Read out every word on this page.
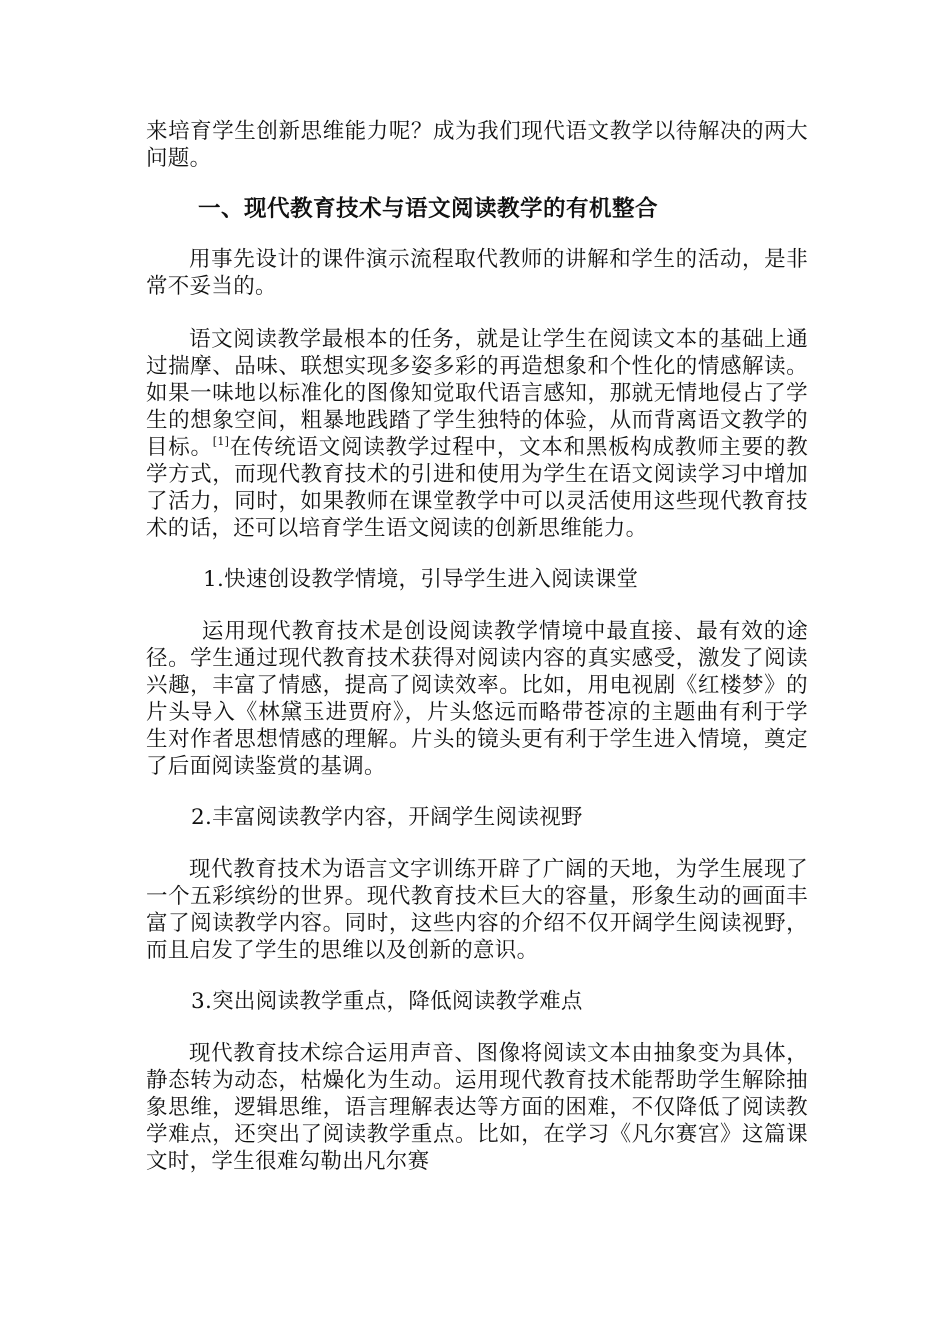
来培育学生创新思维能力呢？成为我们现代语文教学以待解决的两大问题。

一、现代教育技术与语文阅读教学的有机整合

用事先设计的课件演示流程取代教师的讲解和学生的活动，是非常不妥当的。

语文阅读教学最根本的任务，就是让学生在阅读文本的基础上通过揣摩、品味、联想实现多姿多彩的再造想象和个性化的情感解读。如果一味地以标准化的图像知觉取代语言感知，那就无情地侵占了学生的想象空间，粗暴地践踏了学生独特的体验，从而背离语文教学的目标。[1]在传统语文阅读教学过程中，文本和黑板构成教师主要的教学方式，而现代教育技术的引进和使用为学生在语文阅读学习中增加了活力，同时，如果教师在课堂教学中可以灵活使用这些现代教育技术的话，还可以培育学生语文阅读的创新思维能力。

1.快速创设教学情境，引导学生进入阅读课堂

运用现代教育技术是创设阅读教学情境中最直接、最有效的途径。学生通过现代教育技术获得对阅读内容的真实感受，激发了阅读兴趣，丰富了情感，提高了阅读效率。比如，用电视剧《红楼梦》的片头导入《林黛玉进贾府》，片头悠远而略带苍凉的主题曲有利于学生对作者思想情感的理解。片头的镜头更有利于学生进入情境，奠定了后面阅读鉴赏的基调。

2.丰富阅读教学内容，开阔学生阅读视野

现代教育技术为语言文字训练开辟了广阔的天地，为学生展现了一个五彩缤纷的世界。现代教育技术巨大的容量，形象生动的画面丰富了阅读教学内容。同时，这些内容的介绍不仅开阔学生阅读视野，而且启发了学生的思维以及创新的意识。

3.突出阅读教学重点，降低阅读教学难点

现代教育技术综合运用声音、图像将阅读文本由抽象变为具体，静态转为动态，枯燥化为生动。运用现代教育技术能帮助学生解除抽象思维，逻辑思维，语言理解表达等方面的困难，不仅降低了阅读教学难点，还突出了阅读教学重点。比如，在学习《凡尔赛宫》这篇课文时，学生很难勾勒出凡尔赛
